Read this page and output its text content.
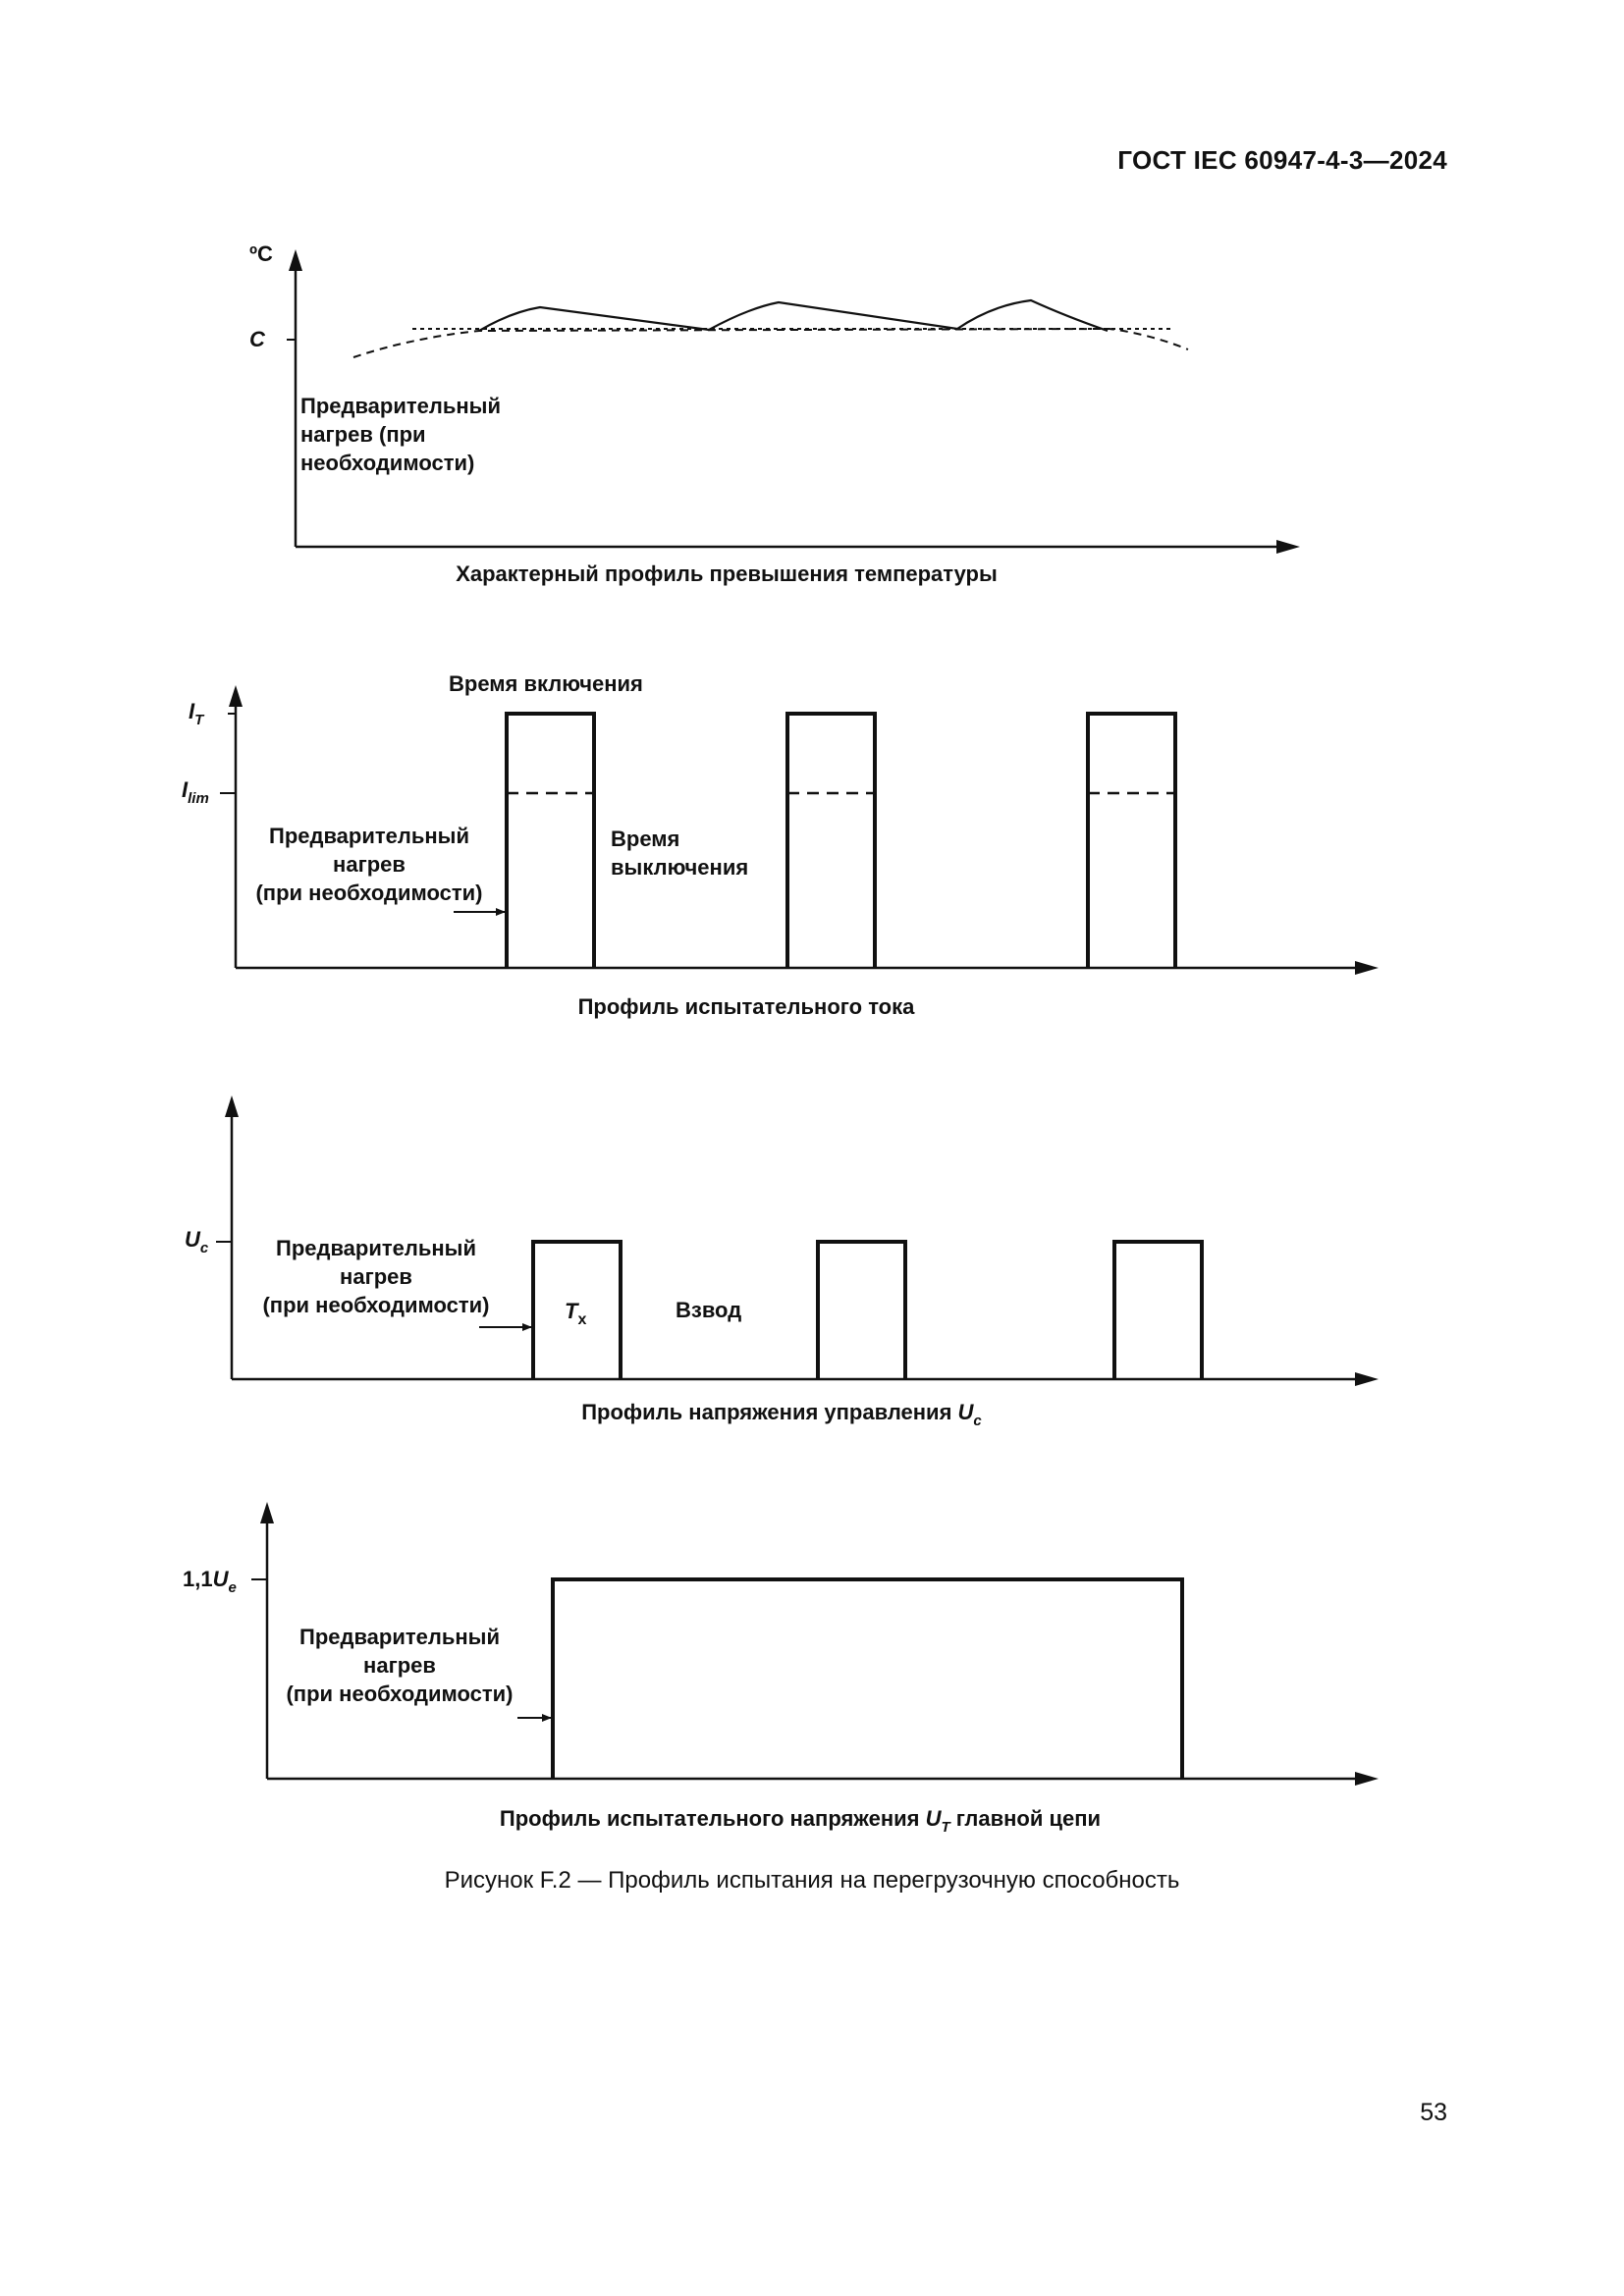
ГОСТ IEC 60947-4-3—2024
ºC
C
Предварительный
нагрев (при
необходимости)
Характерный профиль превышения температуры
IT
Ilim
Время включения
Время
выключения
Предварительный
нагрев
(при необходимости)
Профиль испытательного тока
Uc
Tx	Взвод
Предварительный
нагрев
(при необходимости)
Профиль напряжения управления Uc
1,1Ue
Предварительный
нагрев
(при необходимости)
Профиль испытательного напряжения UT главной цепи
Рисунок F.2 — Профиль испытания на перегрузочную способность
53
